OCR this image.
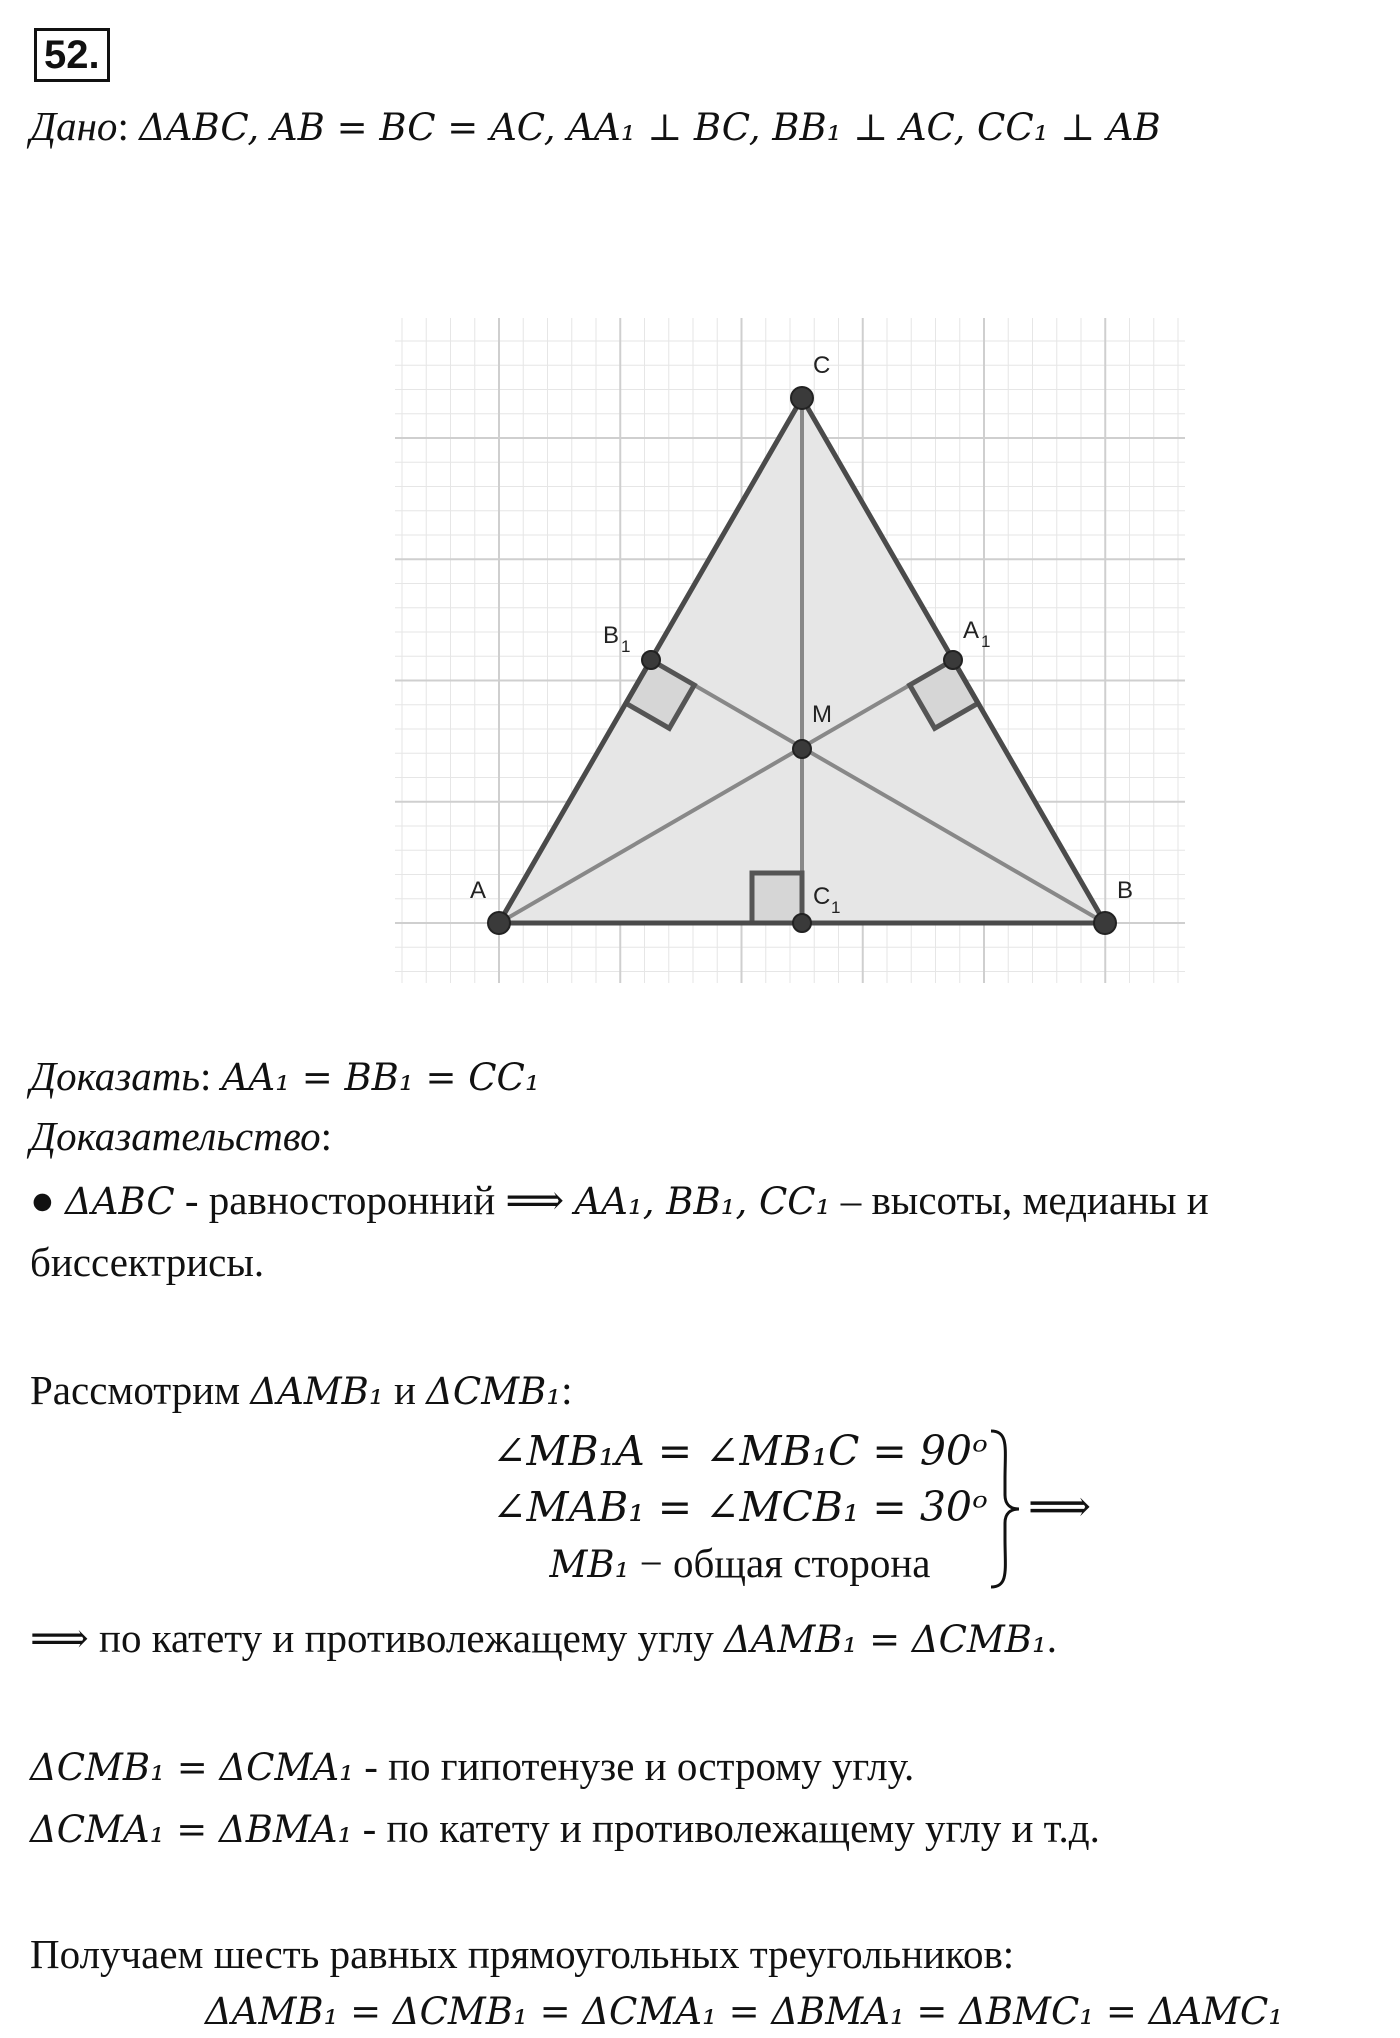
52.
Дано: ΔABC, AB = BC = AC, AA₁ ⊥ BC, BB₁ ⊥ AC, CC₁ ⊥ AB
A	B
C
M
B 1
A 1
C 1
Доказать: AA₁ = BB₁ = CC₁
Доказательство:
● ΔABC - равносторонний ⟹ AA₁, BB₁, CC₁ – высоты, медианы и
биссектрисы.
Рассмотрим ΔAMB₁ и ΔCMB₁:
∠MB₁A = ∠MB₁C = 90ᵒ
∠MAB₁ = ∠MCB₁ = 30ᵒ
MB₁ − общая сторона
⟹
⟹ по катету и противолежащему углу ΔAMB₁ = ΔCMB₁.
ΔCMB₁ = ΔCMA₁ - по гипотенузе и острому углу.
ΔCMA₁ = ΔBMA₁ - по катету и противолежащему углу и т.д.
Получаем шесть равных прямоугольных треугольников:
ΔAMB₁ = ΔCMB₁ = ΔCMA₁ = ΔBMA₁ = ΔBMC₁ = ΔAMC₁
